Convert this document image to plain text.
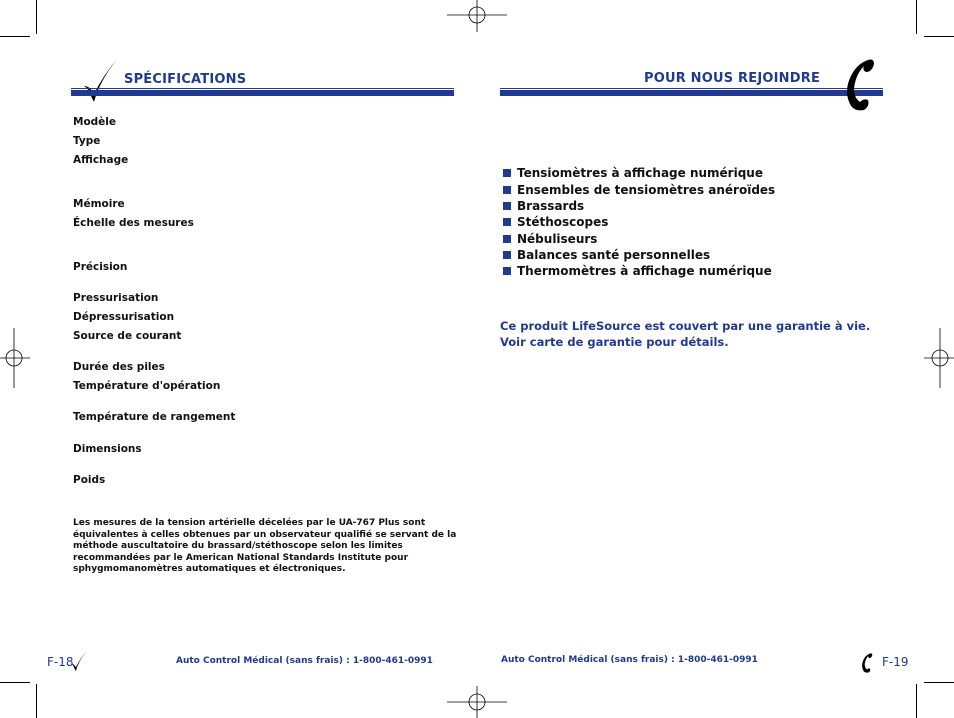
SPÉCIFICATIONS
Modèle
Type
Affichage
Mémoire
Échelle des mesures
Précision
Pressurisation
Dépressurisation
Source de courant
Durée des piles
Température d'opération
Température de rangement
Dimensions
Poids
Les mesures de la tension artérielle décelées par le UA-767 Plus sont équivalentes à celles obtenues par un observateur qualifié se servant de la méthode auscultatoire du brassard/stéthoscope selon les limites recommandées par le American National Standards Institute pour sphygmomanomètres automatiques et électroniques.
F-18	Auto Control Médical (sans frais) : 1-800-461-0991
POUR NOUS REJOINDRE
Tensiomètres à affichage numérique
Ensembles de tensiomètres anéroïdes
Brassards
Stéthoscopes
Nébuliseurs
Balances santé personnelles
Thermomètres à affichage numérique
Ce produit LifeSource est couvert par une garantie à vie. Voir carte de garantie pour détails.
Auto Control Médical (sans frais) : 1-800-461-0991	F-19
